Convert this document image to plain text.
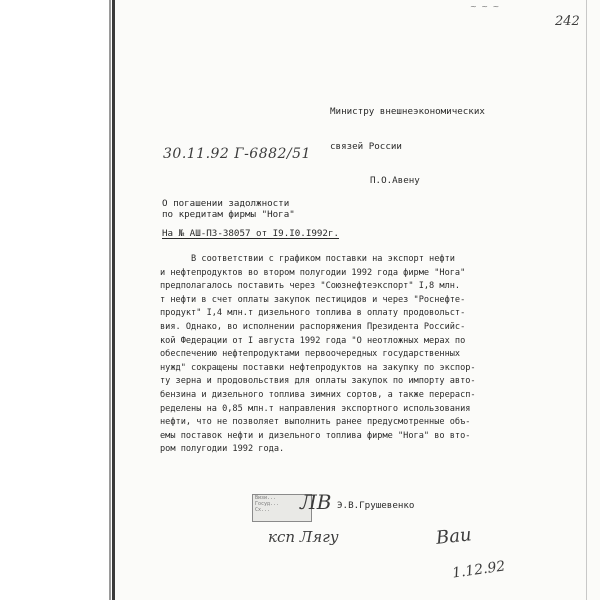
~ ~ ~
242

Министру внешнеэкономических

связей России

П.О.Авену

30.11.92 Г-6882/51
О погашении задолжности
по кредитам фирмы "Нога"
На № АШ-ПЗ-38057 от I9.I0.I992г.
В соответствии с графиком поставки на экспорт нефти
и нефтепродуктов во втором полугодии 1992 года фирме "Нога"
предполагалось поставить через "Союзнефтеэкспорт" I,8 млн.
т нефти в счет оплаты закупок пестицидов и через "Роснефте-
продукт" I,4 млн.т дизельного топлива в оплату продовольст-
вия. Однако, во исполнении распоряжения Президента Российс-
кой Федерации от I августа 1992 года "О неотложных мерах по
обеспечению нефтепродуктами первоочередных государственных
нужд" сокращены поставки нефтепродуктов на закупку по экспор-
ту зерна и продовольствия для оплаты закупок по импорту авто-
бензина и дизельного топлива зимних сортов, а также перерасп-
ределены на 0,85 млн.т направления экспортного использования
нефти, что не позволяет выполнить ранее предусмотренные объ-
емы поставок нефти и дизельного топлива фирме "Нога" во вто-
ром полугодии 1992 года.
Визи...
Госуд...
Сх...	ЛВ Э.В.Грушевенко
ксп Лягу	Ваи
1.12.92
